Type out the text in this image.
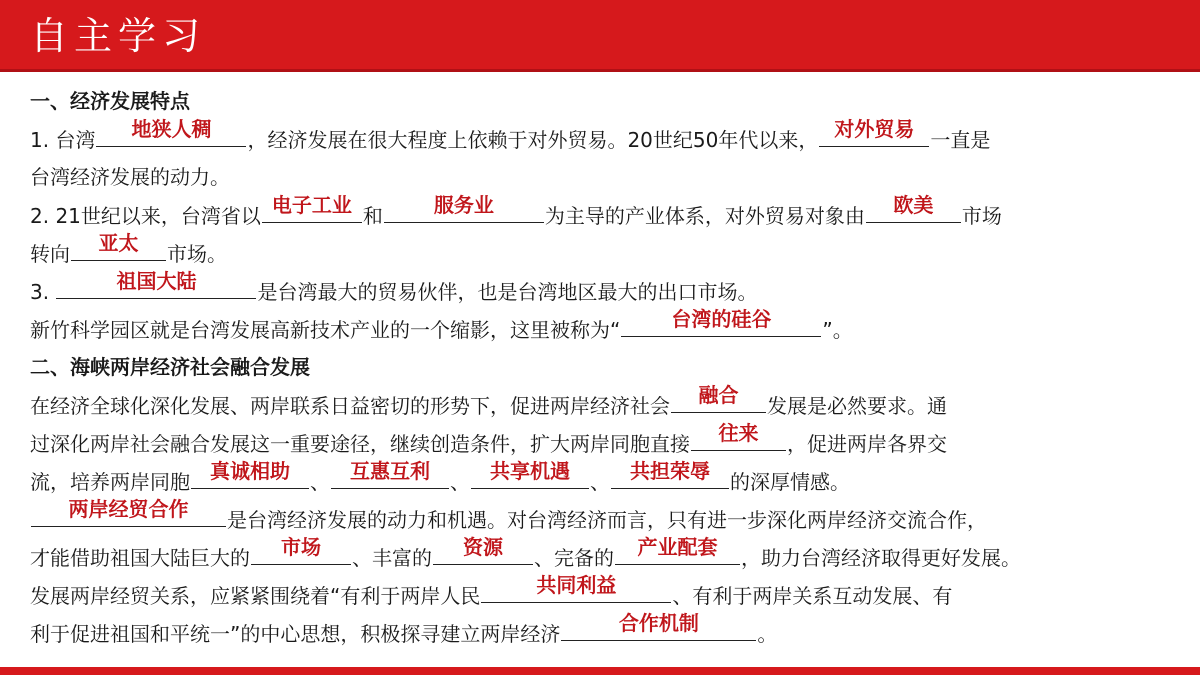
自主学习
一、经济发展特点
1. 台湾	地狭人稠	，经济发展在很大程度上依赖于对外贸易。20世纪50年代以来， 对外贸易 一直是
台湾经济发展的动力。
2. 21世纪以来，台湾省以 电子工业 和	服务业	为主导的产业体系，对外贸易对象由	欧美	市场
转向	亚太	市场。
3.	祖国大陆	是台湾最大的贸易伙伴，也是台湾地区最大的出口市场。
新竹科学园区就是台湾发展高新技术产业的一个缩影，这里被称为“	台湾的硅谷	”。
二、海峡两岸经济社会融合发展
在经济全球化深化发展、两岸联系日益密切的形势下，促进两岸经济社会	融合	发展是必然要求。通
过深化两岸社会融合发展这一重要途径，继续创造条件，扩大两岸同胞直接	往来	，促进两岸各界交
流，培养两岸同胞	真诚相助	、	互惠互利	、	共享机遇	、	共担荣辱	的深厚情感。
两岸经贸合作	是台湾经济发展的动力和机遇。对台湾经济而言，只有进一步深化两岸经济交流合作，
才能借助祖国大陆巨大的	市场	、丰富的	资源	、完备的	产业配套	，助力台湾经济取得更好发展。
发展两岸经贸关系，应紧紧围绕着“有利于两岸人民	共同利益	、有利于两岸关系互动发展、有
利于促进祖国和平统一”的中心思想，积极探寻建立两岸经济	合作机制	。
